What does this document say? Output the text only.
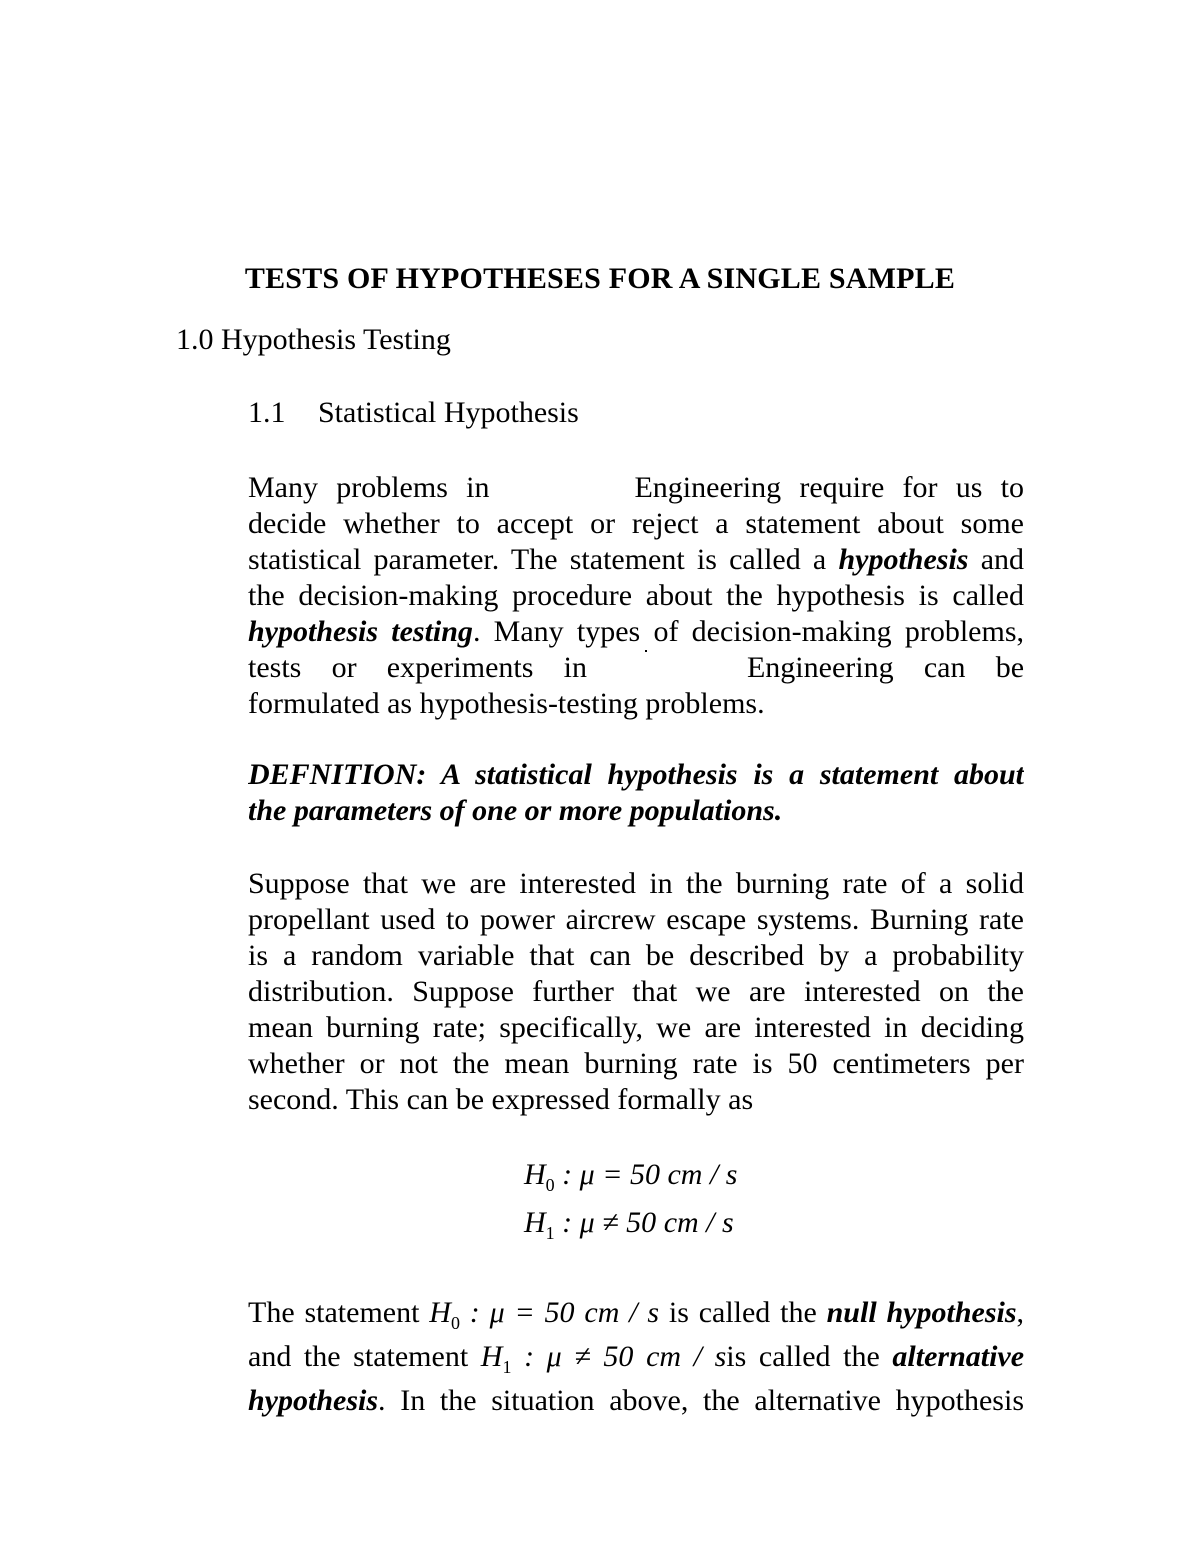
TESTS OF HYPOTHESES FOR A SINGLE SAMPLE
1.0 Hypothesis Testing
1.1 Statistical Hypothesis
Many problems in	Engineering require for us to
decide whether to accept or reject a statement about some
statistical parameter. The statement is called a hypothesis and
the decision-making procedure about the hypothesis is called
hypothesis testing. Many types of decision-making problems,
tests or experiments in	Engineering can be
formulated as hypothesis-testing problems.
DEFNITION: A statistical hypothesis is a statement about
the parameters of one or more populations.
Suppose that we are interested in the burning rate of a solid
propellant used to power aircrew escape systems. Burning rate
is a random variable that can be described by a probability
distribution. Suppose further that we are interested on the
mean burning rate; specifically, we are interested in deciding
whether or not the mean burning rate is 50 centimeters per
second. This can be expressed formally as
$H_0$ : μ = 50 cm / s
$H_1$ : μ ≠ 50 cm / s
The statement $H_0$ : μ = 50 cm / s is called the null hypothesis,
and the statement $H_1$ : μ ≠ 50 cm / sis called the alternative
hypothesis. In the situation above, the alternative hypothesis
